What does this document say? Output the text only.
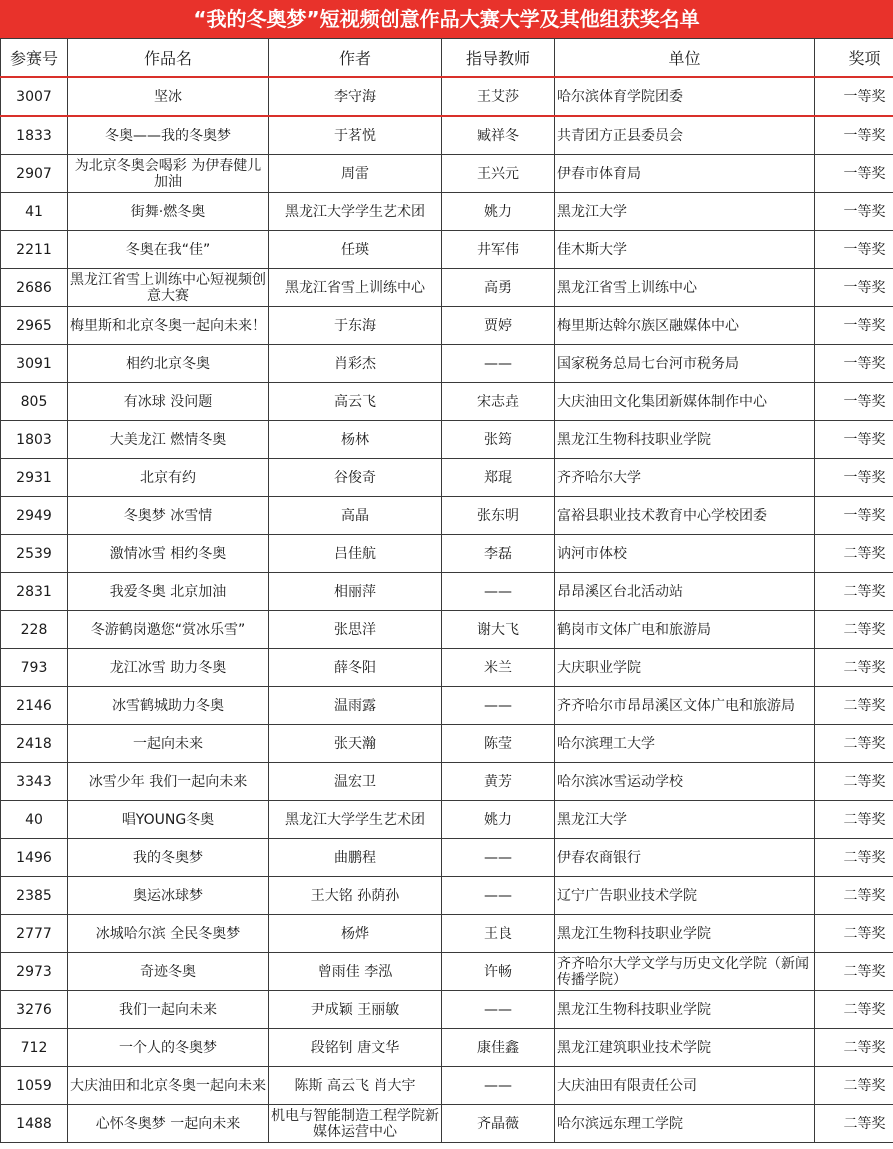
“我的冬奥梦”短视频创意作品大赛大学及其他组获奖名单
参赛号	作品名	作者	指导教师	单位	奖项

3007	坚冰	李守海	王艾莎	哈尔滨体育学院团委	一等奖

1833	冬奥——我的冬奥梦	于茗悦	臧祥冬	共青团方正县委员会	一等奖

2907	为北京冬奥会喝彩 为伊春健儿加油	周雷	王兴元	伊春市体育局	一等奖

41	街舞·燃冬奥	黑龙江大学学生艺术团	姚力	黑龙江大学	一等奖

2211	冬奥在我“佳”	任瑛	井军伟	佳木斯大学	一等奖

2686	黑龙江省雪上训练中心短视频创意大赛	黑龙江省雪上训练中心	高勇	黑龙江省雪上训练中心	一等奖

2965	梅里斯和北京冬奥一起向未来！	于东海	贾婷	梅里斯达斡尔族区融媒体中心	一等奖

3091	相约北京冬奥	肖彩杰	——	国家税务总局七台河市税务局	一等奖

805	有冰球 没问题	高云飞	宋志垚	大庆油田文化集团新媒体制作中心	一等奖

1803	大美龙江 燃情冬奥	杨林	张筠	黑龙江生物科技职业学院	一等奖

2931	北京有约	谷俊奇	郑琨	齐齐哈尔大学	一等奖

2949	冬奥梦 冰雪情	高晶	张东明	富裕县职业技术教育中心学校团委	一等奖

2539	激情冰雪 相约冬奥	吕佳航	李磊	讷河市体校	二等奖

2831	我爱冬奥 北京加油	相丽萍	——	昂昂溪区台北活动站	二等奖

228	冬游鹤岗邀您“赏冰乐雪”	张思洋	谢大飞	鹤岗市文体广电和旅游局	二等奖

793	龙江冰雪 助力冬奥	薛冬阳	米兰	大庆职业学院	二等奖

2146	冰雪鹤城助力冬奥	温雨露	——	齐齐哈尔市昂昂溪区文体广电和旅游局	二等奖

2418	一起向未来	张天瀚	陈莹	哈尔滨理工大学	二等奖

3343	冰雪少年 我们一起向未来	温宏卫	黄芳	哈尔滨冰雪运动学校	二等奖

40	唱YOUNG冬奥	黑龙江大学学生艺术团	姚力	黑龙江大学	二等奖

1496	我的冬奥梦	曲鹏程	——	伊春农商银行	二等奖

2385	奥运冰球梦	王大铭 孙荫孙	——	辽宁广告职业技术学院	二等奖

2777	冰城哈尔滨 全民冬奥梦	杨烨	王良	黑龙江生物科技职业学院	二等奖

2973	奇迹冬奥	曾雨佳 李泓	许畅	齐齐哈尔大学文学与历史文化学院（新闻传播学院）	二等奖

3276	我们一起向未来	尹成颖 王丽敏	——	黑龙江生物科技职业学院	二等奖

712	一个人的冬奥梦	段铭钊 唐文华	康佳鑫	黑龙江建筑职业技术学院	二等奖

1059	大庆油田和北京冬奥一起向未来	陈斯 高云飞 肖大宇	——	大庆油田有限责任公司	二等奖

1488	心怀冬奥梦 一起向未来	机电与智能制造工程学院新媒体运营中心	齐晶薇	哈尔滨远东理工学院	二等奖
